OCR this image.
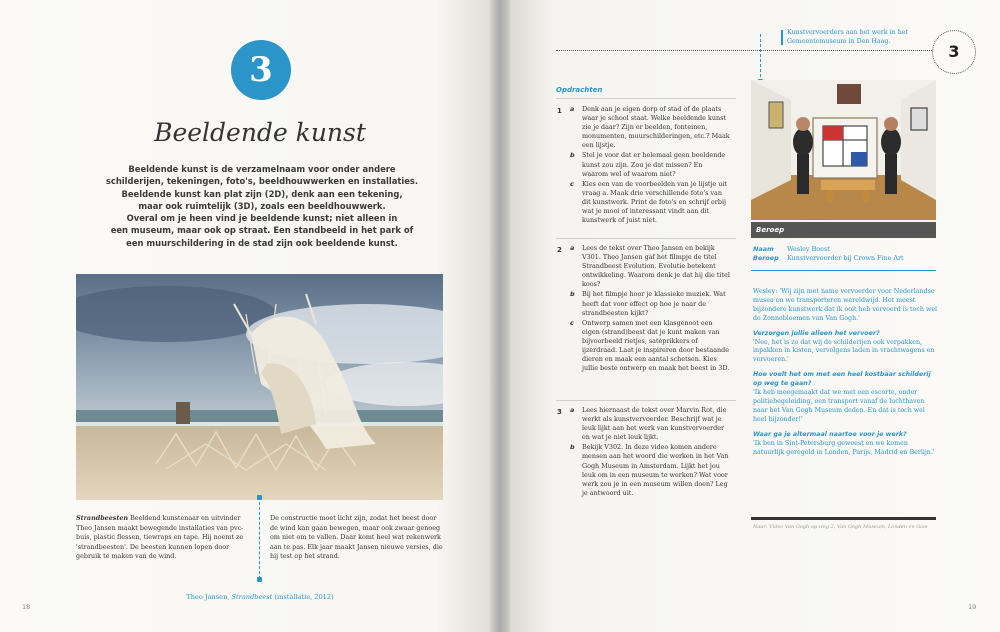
3
Beeldende kunst
Beeldende kunst is de verzamelnaam voor onder andere
schilderijen, tekeningen, foto's, beeldhouwwerken en installaties.
Beeldende kunst kan plat zijn (2D), denk aan een tekening,
maar ook ruimtelijk (3D), zoals een beeldhouwwerk.
Overal om je heen vind je beeldende kunst; niet alleen in
een museum, maar ook op straat. Een standbeeld in het park of
een muurschildering in de stad zijn ook beeldende kunst.
Strandbeesten Beeldend kunstenaar en uitvinder Theo Jansen maakt bewegende installaties van pvc-buis, plastic flessen, tiewraps en tape. Hij noemt ze 'strandbeesten'. De beesten kunnen lopen door gebruik te maken van de wind.
De constructie moet licht zijn, zodat het beest door de wind kan gaan bewegen, maar ook zwaar genoeg om niet om te vallen. Daar komt heel wat rekenwerk aan te pas. Elk jaar maakt Jansen nieuwe versies, die hij test op het strand.
Theo Jansen, Strandbeest (installatie, 2012)
18
Kunstvervoerders aan het werk in het Gemeentemuseum in Den Haag.
3
Opdrachten
1 a Denk aan je eigen dorp of stad of de plaats waar je school staat. Welke beeldende kunst zie je daar? Zijn er beelden, fonteinen, monumenten, muurschilderingen, etc.? Maak een lijstje.
b Stel je voor dat er helemaal geen beeldende kunst zou zijn. Zou je dat missen? En waarom wel of waarom niet?
c Kies een van de voorbeelden van je lijstje uit vraag a. Maak drie verschillende foto's van dit kunstwerk. Print de foto's en schrijf erbij wat je mooi of interessant vindt aan dit kunstwerk of juist niet.
2 a Lees de tekst over Theo Jansen en bekijk V301. Theo Jansen gaf het filmpje de titel Strandbeest Evolution. Evolutie betekent ontwikkeling. Waarom denk je dat hij die titel koos?
b Bij het filmpje hoor je klassieke muziek. Wat heeft dat voor effect op hoe je naar de strandbeesten kijkt?
c Ontwerp samen met een klasgenoot een eigen (strand)beest dat je kunt maken van bijvoorbeeld rietjes, satéprikkers of ijzerdraad. Laat je inspireren door bestaande dieren en maak een aantal schetsen. Kies jullie beste ontwerp en maak het beest in 3D.
3 a Lees hiernaast de tekst over Marvin Rot, die werkt als kunstvervoerder. Beschrijf wat je leuk lijkt aan het werk van kunstvervoerder en wat je niet leuk lijkt.
b Bekijk V302. In deze video komen andere mensen aan het woord die werken in het Van Gogh Museum in Amsterdam. Lijkt het jou leuk om in een museum te werken? Wat voor werk zou je in een museum willen doen? Leg je antwoord uit.
Beroep
Naam Wesley Boest
Beroep Kunstvervoerder bij Crown Fine Art

Wesley: 'Wij zijn met name vervoerder voor Nederlandse musea en we transporteren wereldwijd. Het meest bijzondere kunstwerk dat ik ooit heb vervoerd is toch wel de Zonnebloemen van Van Gogh.'

Verzorgen jullie alleen het vervoer?
'Nee, het is zo dat wij de schilderijen ook verpakken, inpakken in kisten, vervolgens laden in vrachtwagens en vervoeren.'

Hoe voelt het om met een heel kostbaar schilderij op weg te gaan?
'Ik heb meegemaakt dat we met een escorte, onder politiebegeleiding, een transport vanaf de luchthaven naar het Van Gogh Museum deden. En dat is toch wel heel bijzonder!'

Waar ga je altermaal naartoe voor je werk?
'Ik ben in Sint-Petersburg geweest en we komen natuurlijk geregeld in Londen, Parijs, Madrid en Berlijn.'

Naar: Video Van Gogh op weg 2, Van Gogh Museum, Londen en Gise
19
